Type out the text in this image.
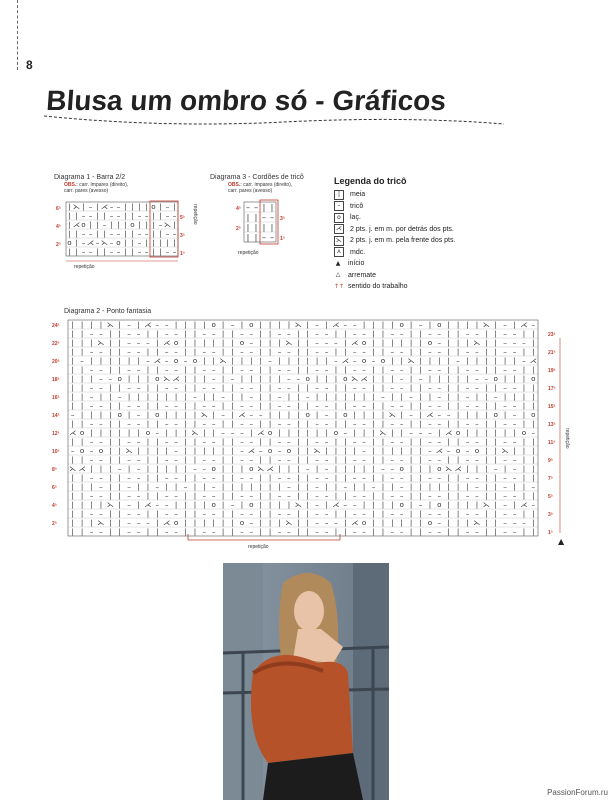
8
Blusa um ombro só - Gráficos
Diagrama 1 - Barra 2/2
OBS.: carr. ímpares (direito),
carr. pares (avesso)
| ⋋ | – | ⋌ – – | | | | o | – |
| | – – | | – – | | – – | | – –
| ⋌ o | | – | | | o | | | – ⋋ |
| | – – | | – – | | – – | | – –
o | – ⋌ – ⋋ – o | | – | | | | |
| | – – | | – – | | – – | | – –
6ª
4ª
2ª
5ª
3ª
1ª
repetição
repetição
Diagrama 3 - Cordões de tricô
OBS.: carr. ímpares (direito),
carr. pares (avesso)
– – | |
| | – –
| | | |
| | – –
4ª
2ª
3ª
1ª
repetição
Legenda do tricô
|	meia
–	tricô
o	laç.
⋌ 2 pts. j. em m. por detrás dos pts.
⋋ 2 pts. j. em m. pela frente dos pts.
⋏	mdc.
▲ início
△ arremate
↑↑ sentido do trabalho
Diagrama 2 - Ponto fantasia
| | | | ⋋ | – | ⋌ – – | | | | o | – | o | | | | ⋋ | – | ⋌ – – | | | | o | – | o | | | | ⋋ | – | ⋌ –
| | – – | | – – | | – – | | – – | | – – | | – – | | – – | | – – | | – – | | – – | | – – | | – – | |
| | | ⋋ | | – – – | ⋌ o | | | | | | o – | | | ⋋ | | – – – | ⋌ o | | | | | | o – | | | ⋋ | | – – – |
| | – – | | – – | | – – | | – – | | – – | | – – | | – – | | – – | | – – | | – – | | – – | | – – | |
| – | | | | | | – ⋌ – o – o | | ⋋ | | | | – | | | | | | – ⋌ – o – o | | ⋋ | | | | – | | | | | | – ⋌
| | – – | | – – | | – – | | – – | | – – | | – – | | – – | | – – | | – – | | – – | | – – | | – – | |
| | | – – o | | | o ⋋ ⋌ | | | – | – | | | | | – – o | | | o ⋋ ⋌ | | | – | – | | | | | – – o | | | o
| | – – | | – – | | – – | | – – | | – – | | – – | | – – | | – – | | – – | | – – | | – – | | – – | |
| | – | | – | | | | | | | – | | – | | – | | – | | – | | | | | | | – | | – | | – | | – | | – | | | |
| | – – | | – – | | – – | | – – | | – – | | – – | | – – | | – – | | – – | | – – | | – – | | – – | |
– | | | | o | – | o | | | | ⋋ | – | ⋌ – – | | | | o | – | o | | | | ⋋ | – | ⋌ – – | | | | o | – | o
| | – – | | – – | | – – | | – – | | – – | | – – | | – – | | – – | | – – | | – – | | – – | | – – | |
⋌ o | | | | | | o – | | | ⋋ | | – – – | ⋌ o | | | | | | o – | | | ⋋ | | – – – | ⋌ o | | | | | | o –
| | – – | | – – | | – – | | – – | | – – | | – – | | – – | | – – | | – – | | – – | | – – | | – – | |
– o – o | | ⋋ | | | | – | | | | | | – ⋌ – o – o | | ⋋ | | | | – | | | | | | – ⋌ – o – o | | ⋋ | | |
| | – – | | – – | | – – | | – – | | – – | | – – | | – – | | – – | | – – | | – – | | – – | | – – | |
⋋ ⋌ | | | – | – | | | | | – – o | | | o ⋋ ⋌ | | | – | – | | | | | – – o | | | o ⋋ ⋌ | | | – | – | |
| | – – | | – – | | – – | | – – | | – – | | – – | | – – | | – – | | – – | | – – | | – – | | – – | |
| | | – | | – | | – | | – | | – | | | | | | | – | | – | | – | | – | | – | | | | | | | – | | – | | –
| | – – | | – – | | – – | | – – | | – – | | – – | | – – | | – – | | – – | | – – | | – – | | – – | |
| | | | ⋋ | – | ⋌ – – | | | | o | – | o | | | | ⋋ | – | ⋌ – – | | | | o | – | o | | | | ⋋ | – | ⋌ –
| | – – | | – – | | – – | | – – | | – – | | – – | | – – | | – – | | – – | | – – | | – – | | – – | |
| | | ⋋ | | – – – | ⋌ o | | | | | | o – | | | ⋋ | | – – – | ⋌ o | | | | | | o – | | | ⋋ | | – – – |
| | – – | | – – | | – – | | – – | | – – | | – – | | – – | | – – | | – – | | – – | | – – | | – – | |
24ª
22ª
20ª
18ª
16ª
14ª
12ª
10ª
8ª
6ª
4ª
2ª
23ª
21ª
19ª
17ª
15ª
13ª
11ª
9ª
7ª
5ª
3ª
1ª
repetição
repetição
▲
PassionForum.ru
